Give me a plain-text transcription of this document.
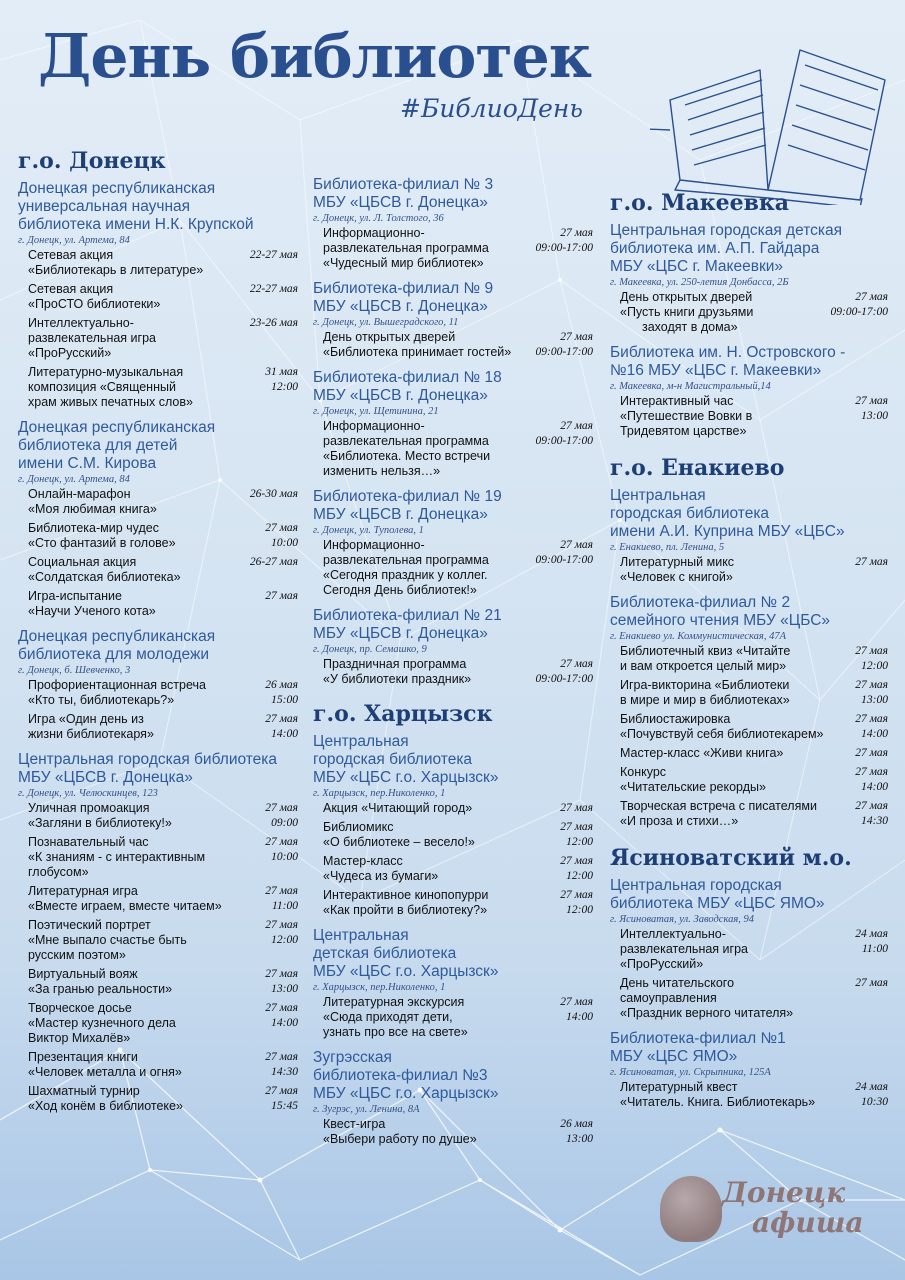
День библиотек
#БиблиоДень
г.о. Донецк

Донецкая республиканская
универсальная научная
библиотека имени Н.К. Крупской

г. Донецк, ул. Артема, 84
Сетевая акция
«Библиотекарь в литературе»
22-27 мая
Сетевая акция
«ПроСТО библиотеки»
22-27 мая
Интеллектуально-
развлекательная игра
«ПроРусский»
23-26 мая
Литературно-музыкальная
композиция «Священный
храм живых печатных слов»
31 мая
12:00

Донецкая республиканская
библиотека для детей
имени С.М. Кирова

г. Донецк, ул. Артема, 84
Онлайн-марафон
«Моя любимая книга»
26-30 мая
Библиотека-мир чудес
«Сто фантазий в голове»
27 мая
10:00
Социальная акция
«Солдатская библиотека»
26-27 мая
Игра-испытание
«Научи Ученого кота»
27 мая

Донецкая республиканская
библиотека для молодежи

г. Донецк, б. Шевченко, 3
Профориентационная встреча
«Кто ты, библиотекарь?»
26 мая
15:00
Игра «Один день из
жизни библиотекаря»
27 мая
14:00

Центральная городская библиотека
МБУ «ЦБСВ г. Донецка»

г. Донецк, ул. Челюскинцев, 123
Уличная промоакция
«Загляни в библиотеку!»
27 мая
09:00
Познавательный час
«К знаниям - с интерактивным
глобусом»
27 мая
10:00
Литературная игра
«Вместе играем, вместе читаем»
27 мая
11:00
Поэтический портрет
«Мне выпало счастье быть
русским поэтом»
27 мая
12:00
Виртуальный вояж
«За гранью реальности»
27 мая
13:00
Творческое досье
«Мастер кузнечного дела
Виктор Михалёв»
27 мая
14:00
Презентация книги
«Человек металла и огня»
27 мая
14:30
Шахматный турнир
«Ход конём в библиотеке»
27 мая
15:45

Библиотека-филиал № 3
МБУ «ЦБСВ г. Донецка»

г. Донецк, ул. Л. Толстого, 36
Информационно-
развлекательная программа
«Чудесный мир библиотек»
27 мая
09:00-17:00

Библиотека-филиал № 9
МБУ «ЦБСВ г. Донецка»

г. Донецк, ул. Вышеградского, 11
День открытых дверей
«Библиотека принимает гостей»
27 мая
09:00-17:00

Библиотека-филиал № 18
МБУ «ЦБСВ г. Донецка»

г. Донецк, ул. Щетинина, 21
Информационно-
развлекательная программа
«Библиотека. Место встречи
изменить нельзя…»
27 мая
09:00-17:00

Библиотека-филиал № 19
МБУ «ЦБСВ г. Донецка»

г. Донецк, ул. Туполева, 1
Информационно-
развлекательная программа
«Сегодня праздник у коллег.
Сегодня День библиотек!»
27 мая
09:00-17:00

Библиотека-филиал № 21
МБУ «ЦБСВ г. Донецка»

г. Донецк, пр. Семашко, 9
Праздничная программа
«У библиотеки праздник»
27 мая
09:00-17:00
г.о. Харцызск

Центральная
городская библиотека
МБУ «ЦБС г.о. Харцызск»

г. Харцызск, пер.Николенко, 1
Акция «Читающий город»	27 мая
Библиомикс
«О библиотеке – весело!»
27 мая
12:00
Мастер-класс
«Чудеса из бумаги»
27 мая
12:00
Интерактивное кинопопурри
«Как пройти в библиотеку?»
27 мая
12:00

Центральная
детская библиотека
МБУ «ЦБС г.о. Харцызск»

г. Харцызск, пер.Николенко, 1
Литературная экскурсия
«Сюда приходят дети,
узнать про все на свете»
27 мая
14:00

Зугрэсская
библиотека-филиал №3
МБУ «ЦБС г.о. Харцызск»

г. Зугрэс, ул. Ленина, 8А
Квест-игра
«Выбери работу по душе»
26 мая
13:00
г.о. Макеевка

Центральная городская детская
библиотека им. А.П. Гайдара
МБУ «ЦБС г. Макеевки»

г. Макеевка, ул. 250-летия Донбасса, 2Б
День открытых дверей
«Пусть книги друзьями
заходят в дома»
27 мая
09:00-17:00

Библиотека им. Н. Островского -
№16 МБУ «ЦБС г. Макеевки»

г. Макеевка, м-н Магистральный,14
Интерактивный час
«Путешествие Вовки в
Тридевятом царстве»
27 мая
13:00
г.о. Енакиево

Центральная
городская библиотека
имени А.И. Куприна МБУ «ЦБС»

г. Енакиево, пл. Ленина, 5
Литературный микс
«Человек с книгой»
27 мая

Библиотека-филиал № 2
семейного чтения МБУ «ЦБС»

г. Енакиево ул. Коммунистическая, 47А
Библиотечный квиз «Читайте
и вам откроется целый мир»
27 мая
12:00
Игра-викторина «Библиотеки
в мире и мир в библиотеках»
27 мая
13:00
Библиостажировка
«Почувствуй себя библиотекарем»
27 мая
14:00
Мастер-класс «Живи книга»	27 мая
Конкурс
«Читательские рекорды»
27 мая
14:00
Творческая встреча с писателями
«И проза и стихи…»
27 мая
14:30
Ясиноватский м.о.

Центральная городская
библиотека МБУ «ЦБС ЯМО»

г. Ясиноватая, ул. Заводская, 94
Интеллектуально-
развлекательная игра
«ПроРусский»
24 мая
11:00
День читательского
самоуправления
«Праздник верного читателя»
27 мая

Библиотека-филиал №1
МБУ «ЦБС ЯМО»

г. Ясиноватая, ул. Скрыпника, 125А
Литературный квест
«Читатель. Книга. Библиотекарь»
24 мая
10:30
Донецк
афиша
